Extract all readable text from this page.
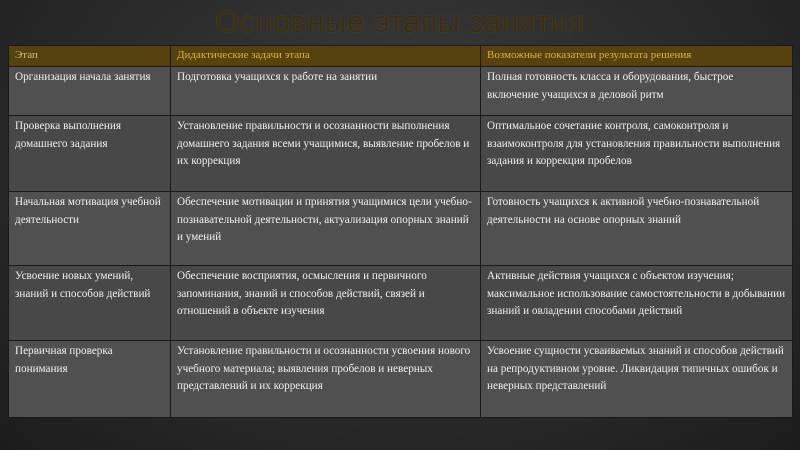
Основные этапы занятия
Этап	Дидактические задачи этапа	Возможные показатели результата решения
Организация начала занятия	Подготовка учащихся к работе на занятии	Полная готовность класса и оборудования, быстрое включение учащихся в деловой ритм
Проверка выполнения домашнего задания	Установление правильности и осознанности выполнения домашнего задания всеми учащимися, выявление пробелов и их коррекция	Оптимальное сочетание контроля, самоконтроля и взаимоконтроля для установления правильности выполнения задания и коррекция пробелов
Начальная мотивация учебной деятельности	Обеспечение мотивации и принятия учащимися цели учебно-познавательной деятельности, актуализация опорных знаний и умений	Готовность учащихся к активной учебно-познавательной деятельности на основе опорных знаний
Усвоение новых умений, знаний и способов действий	Обеспечение восприятия, осмысления и первичного запоминания, знаний и способов действий, связей и отношений в объекте изучения	Активные действия учащихся с объектом изучения; максимальное использование самостоятельности в добывании знаний и овладении способами действий
Первичная проверка понимания	Установление правильности и осознанности усвоения нового учебного материала; выявления пробелов и неверных представлений и их коррекция	Усвоение сущности усваиваемых знаний и способов действий на репродуктивном уровне. Ликвидация типичных ошибок и неверных представлений
